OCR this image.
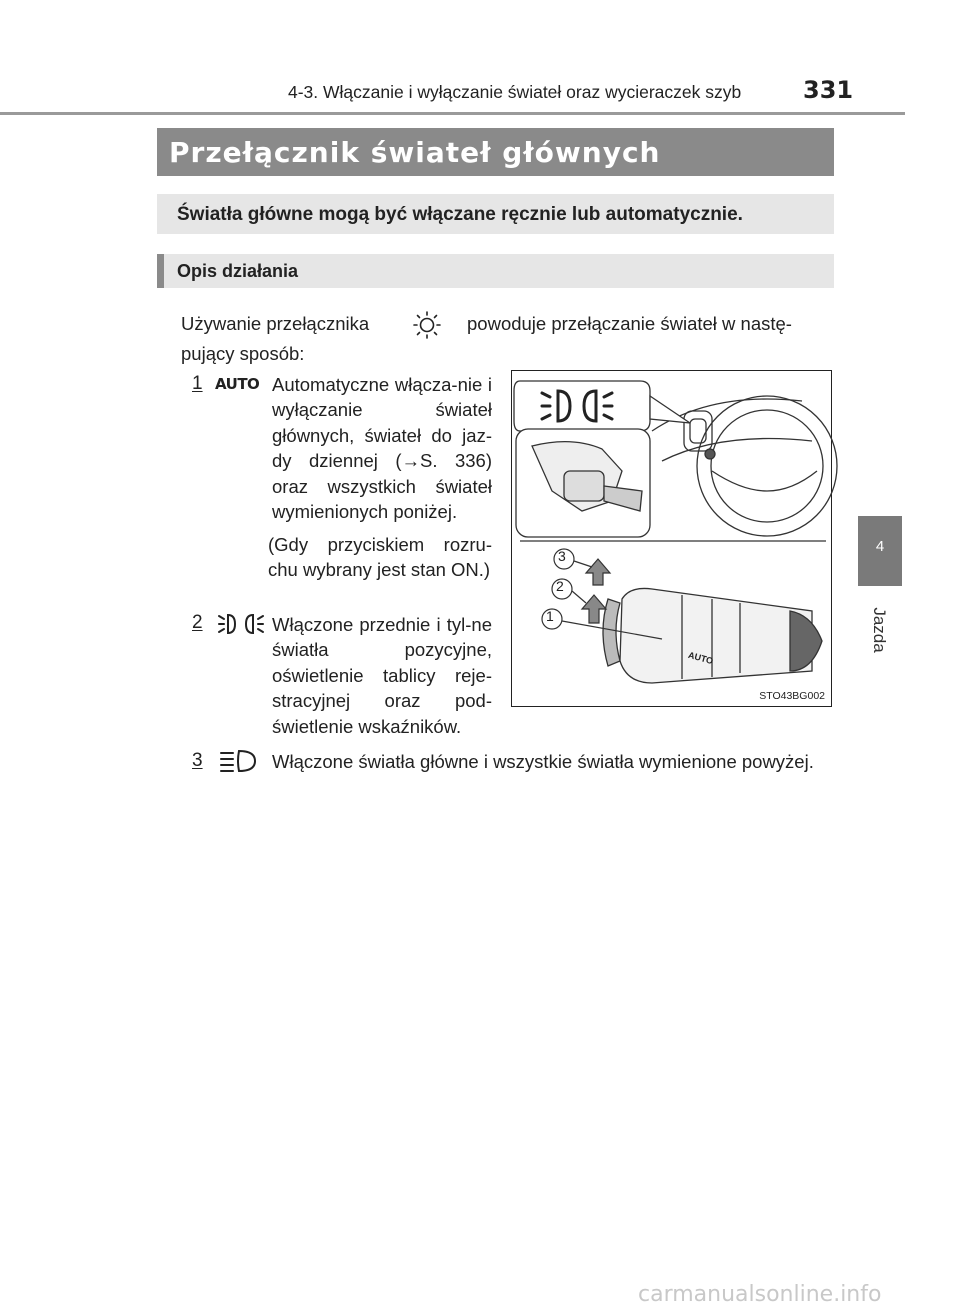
4-3. Włączanie i wyłączanie świateł oraz wycieraczek szyb	331
4
Jazda
Przełącznik świateł głównych
Światła główne mogą być włączane ręcznie lub automatycznie.
Opis działania
Używanie przełącznika	powoduje przełączanie świateł w nastę-
pujący sposób:
1 AUTO Automatyczne włącza-nie i wyłączanie świateł głównych, świateł do jaz-dy dziennej (→S. 336) oraz wszystkich świateł wymienionych poniżej.
(Gdy przyciskiem rozru-chu wybrany jest stan ON.)
2	Włączone przednie i tyl-ne światła pozycyjne, oświetlenie tablicy reje-stracyjnej oraz pod-świetlenie wskaźników.
3	Włączone światła główne i wszystkie światła wymienione powyżej.
3
2
1
AUTO
STO43BG002
carmanualsonline.info
